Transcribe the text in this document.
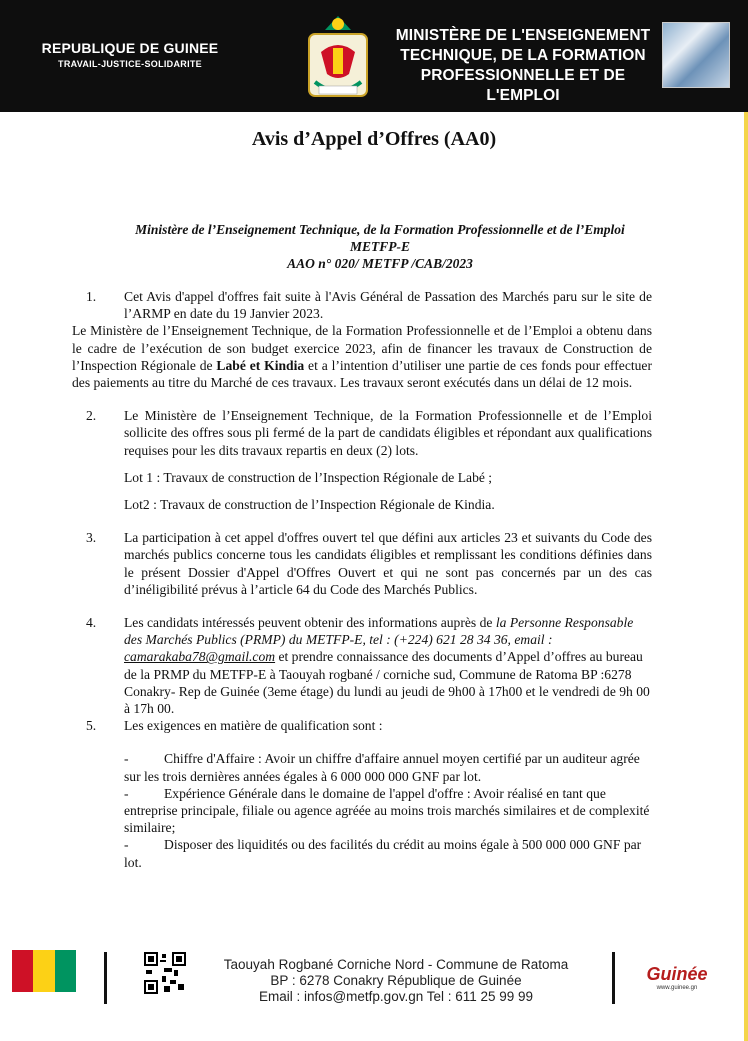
REPUBLIQUE DE GUINEE
TRAVAIL-JUSTICE-SOLIDARITE
MINISTÈRE DE L'ENSEIGNEMENT
TECHNIQUE, DE LA FORMATION
PROFESSIONNELLE ET DE L'EMPLOI
Avis d’Appel d’Offres (AA0)
Ministère de l’Enseignement Technique, de la Formation Professionnelle et de l’Emploi
METFP-E
AAO n° 020/ METFP /CAB/2023
1.	Cet Avis d'appel d'offres fait suite à l'Avis Général de Passation des Marchés paru sur le site de l’ARMP en date du 19 Janvier 2023.

Le Ministère de l’Enseignement Technique, de la Formation Professionnelle et de l’Emploi a obtenu dans le cadre de l’exécution de son budget exercice 2023, afin de financer les travaux de Construction de l’Inspection Régionale de Labé et Kindia et a l’intention d’utiliser une partie de ces fonds pour effectuer des paiements au titre du Marché de ces travaux. Les travaux seront exécutés dans un délai de 12 mois.

2.	Le Ministère de l’Enseignement Technique, de la Formation Professionnelle et de l’Emploi sollicite des offres sous pli fermé de la part de candidats éligibles et répondant aux qualifications requises pour les dits travaux repartis en deux (2) lots.

Lot 1 : Travaux de construction de l’Inspection Régionale de Labé ;
Lot2 : Travaux de construction de l’Inspection Régionale de Kindia.
3.	La participation à cet appel d'offres ouvert tel que défini aux articles 23 et suivants du Code des marchés publics concerne tous les candidats éligibles et remplissant les conditions définies dans le présent Dossier d'Appel d'Offres Ouvert et qui ne sont pas concernés par un des cas d’inéligibilité prévus à l’article 64 du Code des Marchés Publics.

4.	Les candidats intéressés peuvent obtenir des informations auprès de la Personne Responsable des Marchés Publics (PRMP) du METFP-E, tel : (+224) 621 28 34 36, email : camarakaba78@gmail.com et prendre connaissance des documents d’Appel d’offres au bureau de la PRMP du METFP-E à Taouyah rogbané / corniche sud, Commune de Ratoma BP :6278 Conakry- Rep de Guinée (3eme étage) du lundi au jeudi de 9h00 à 17h00 et le vendredi de 9h 00 à 17h 00.

5.	Les exigences en matière de qualification sont :

-	Chiffre d'Affaire : Avoir un chiffre d'affaire annuel moyen certifié par un auditeur agrée sur les trois dernières années égales à 6 000 000 000 GNF par lot.
-	Expérience Générale dans le domaine de l'appel d'offre : Avoir réalisé en tant que entreprise principale, filiale ou agence agréée au moins trois marchés similaires et de complexité similaire;
-	Disposer des liquidités ou des facilités du crédit au moins égale à 500 000 000 GNF par lot.
Taouyah Rogbané Corniche Nord - Commune de Ratoma
BP : 6278 Conakry République de Guinée
Email : infos@metfp.gov.gn Tel : 611 25 99 99
Guinée
www.guinee.gn
